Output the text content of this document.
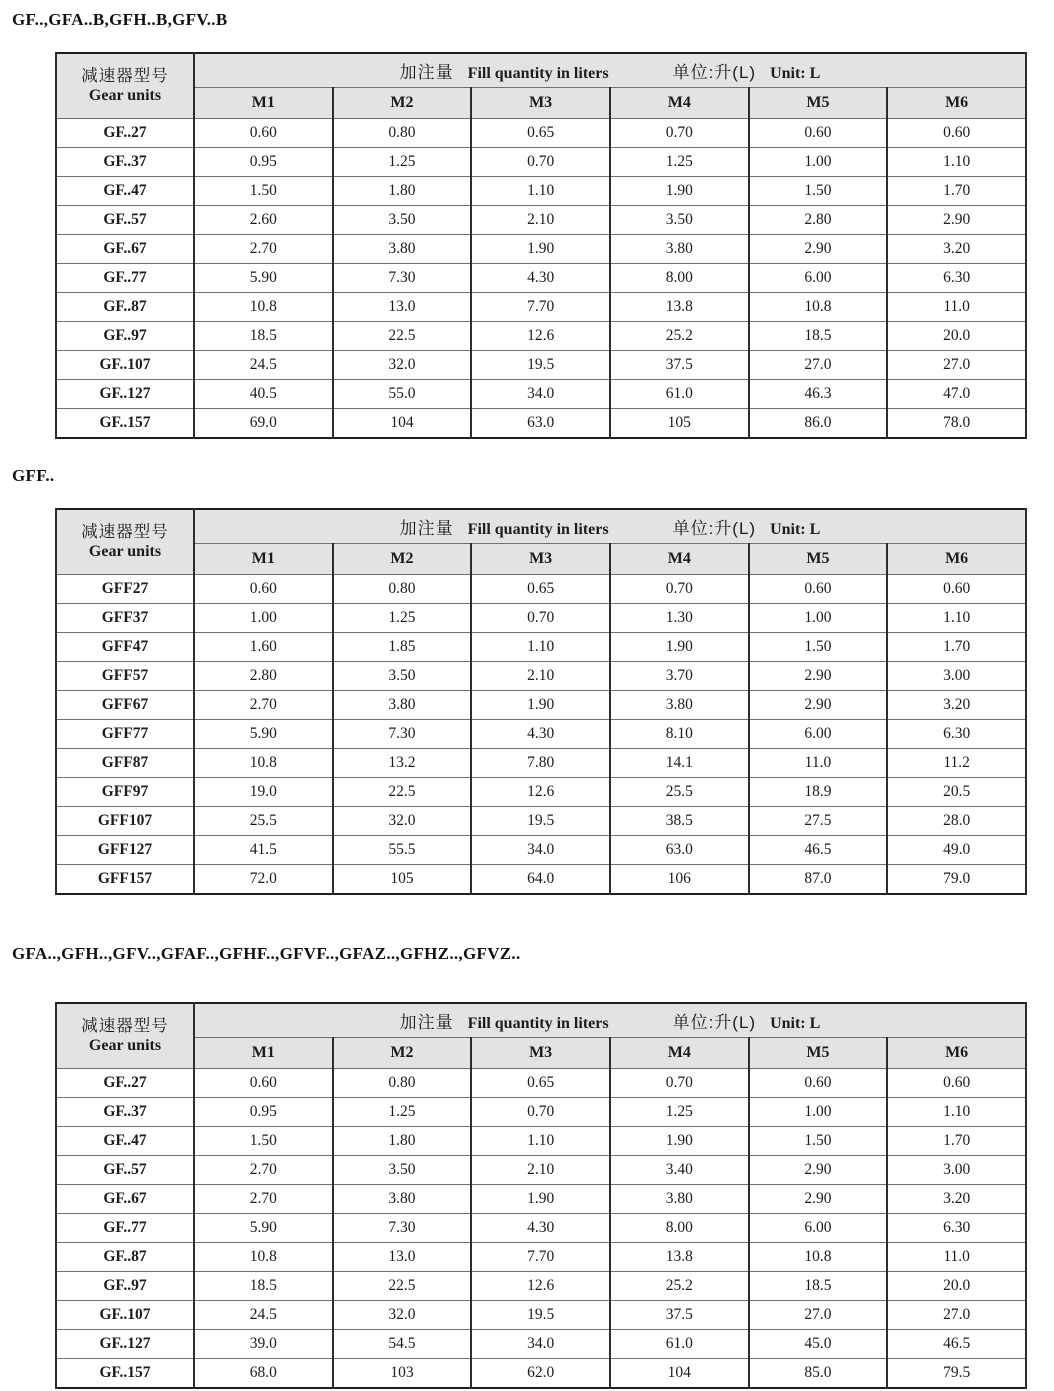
GF..,GFA..B,GFH..B,GFV..B
减速器型号
Gear units	加注量 Fill quantity in liters 单位:升(L) Unit: L					
	M1	M2	M3	M4	M5	M6
GF..27	0.60	0.80	0.65	0.70	0.60	0.60
GF..37	0.95	1.25	0.70	1.25	1.00	1.10
GF..47	1.50	1.80	1.10	1.90	1.50	1.70
GF..57	2.60	3.50	2.10	3.50	2.80	2.90
GF..67	2.70	3.80	1.90	3.80	2.90	3.20
GF..77	5.90	7.30	4.30	8.00	6.00	6.30
GF..87	10.8	13.0	7.70	13.8	10.8	11.0
GF..97	18.5	22.5	12.6	25.2	18.5	20.0
GF..107	24.5	32.0	19.5	37.5	27.0	27.0
GF..127	40.5	55.0	34.0	61.0	46.3	47.0
GF..157	69.0	104	63.0	105	86.0	78.0
GFF..
减速器型号
Gear units	加注量 Fill quantity in liters 单位:升(L) Unit: L					
	M1	M2	M3	M4	M5	M6
GFF27	0.60	0.80	0.65	0.70	0.60	0.60
GFF37	1.00	1.25	0.70	1.30	1.00	1.10
GFF47	1.60	1.85	1.10	1.90	1.50	1.70
GFF57	2.80	3.50	2.10	3.70	2.90	3.00
GFF67	2.70	3.80	1.90	3.80	2.90	3.20
GFF77	5.90	7.30	4.30	8.10	6.00	6.30
GFF87	10.8	13.2	7.80	14.1	11.0	11.2
GFF97	19.0	22.5	12.6	25.5	18.9	20.5
GFF107	25.5	32.0	19.5	38.5	27.5	28.0
GFF127	41.5	55.5	34.0	63.0	46.5	49.0
GFF157	72.0	105	64.0	106	87.0	79.0
GFA..,GFH..,GFV..,GFAF..,GFHF..,GFVF..,GFAZ..,GFHZ..,GFVZ..
减速器型号
Gear units	加注量 Fill quantity in liters 单位:升(L) Unit: L					
	M1	M2	M3	M4	M5	M6
GF..27	0.60	0.80	0.65	0.70	0.60	0.60
GF..37	0.95	1.25	0.70	1.25	1.00	1.10
GF..47	1.50	1.80	1.10	1.90	1.50	1.70
GF..57	2.70	3.50	2.10	3.40	2.90	3.00
GF..67	2.70	3.80	1.90	3.80	2.90	3.20
GF..77	5.90	7.30	4.30	8.00	6.00	6.30
GF..87	10.8	13.0	7.70	13.8	10.8	11.0
GF..97	18.5	22.5	12.6	25.2	18.5	20.0
GF..107	24.5	32.0	19.5	37.5	27.0	27.0
GF..127	39.0	54.5	34.0	61.0	45.0	46.5
GF..157	68.0	103	62.0	104	85.0	79.5
